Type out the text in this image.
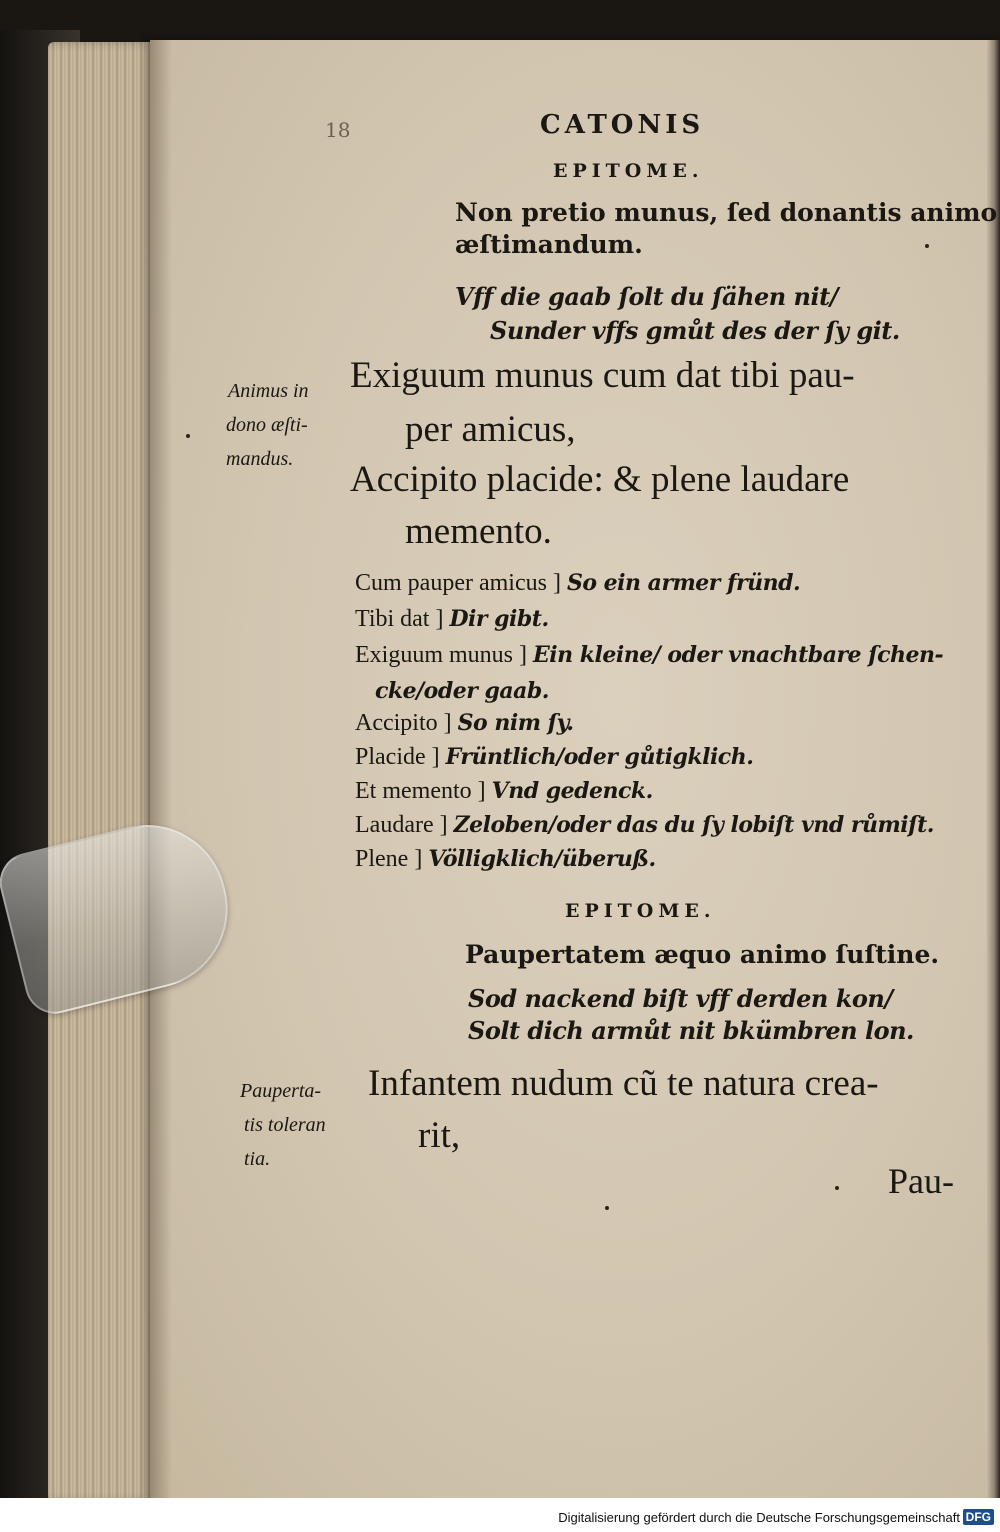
18	CATONIS

EPITOME.

Non pretio munus, ſed donantis animo

æſtimandum.

Vff die gaab ſolt du ſähen nit/

Sunder vffs gmůt des der ſy git.

Animus in

dono æſti-

mandus.

Exiguum munus cum dat tibi pau-

per amicus,

Accipito placide: & plene laudare

memento.

Cum pauper amicus ] So ein armer fründ.

Tibi dat ] Dir gibt.

Exiguum munus ] Ein kleine/ oder vnachtbare ſchen-

cke/oder gaab.

Accipito ] So nim ſy.

Placide ] Früntlich/oder gůtigklich.

Et memento ] Vnd gedenck.

Laudare ] Zeloben/oder das du ſy lobiſt vnd růmiſt.

Plene ] Völligklich/überuß.

EPITOME.

Paupertatem æquo animo ſuſtine.

Sod nackend biſt vff derden kon/

Solt dich armůt nit bkümbren lon.

Pauperta-

tis toleran

tia.

Infantem nudum cũ te natura crea-

rit,

Pau-

Digitalisierung gefördert durch die Deutsche Forschungsgemeinschaft DFG
